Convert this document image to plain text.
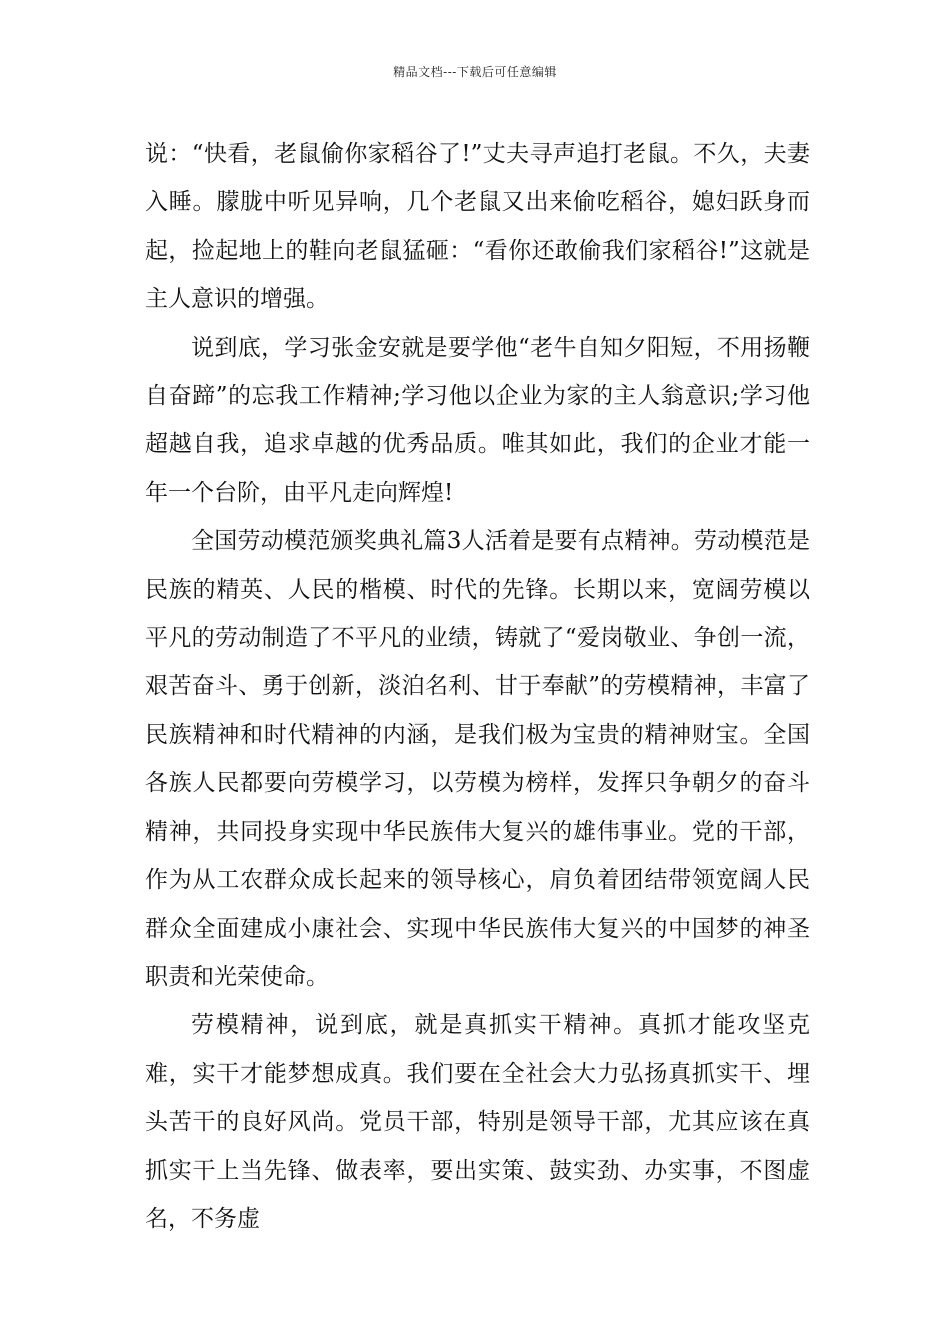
精品文档---下载后可任意编辑

说：“快看，老鼠偷你家稻谷了!”丈夫寻声追打老鼠。不久，夫妻入睡。朦胧中听见异响，几个老鼠又出来偷吃稻谷，媳妇跃身而起，捡起地上的鞋向老鼠猛砸：“看你还敢偷我们家稻谷!”这就是主人意识的增强。

说到底，学习张金安就是要学他“老牛自知夕阳短，不用扬鞭自奋蹄”的忘我工作精神;学习他以企业为家的主人翁意识;学习他超越自我，追求卓越的优秀品质。唯其如此，我们的企业才能一年一个台阶，由平凡走向辉煌!

全国劳动模范颁奖典礼篇3人活着是要有点精神。劳动模范是民族的精英、人民的楷模、时代的先锋。长期以来，宽阔劳模以平凡的劳动制造了不平凡的业绩，铸就了“爱岗敬业、争创一流，艰苦奋斗、勇于创新，淡泊名利、甘于奉献”的劳模精神，丰富了民族精神和时代精神的内涵，是我们极为宝贵的精神财宝。全国各族人民都要向劳模学习，以劳模为榜样，发挥只争朝夕的奋斗精神，共同投身实现中华民族伟大复兴的雄伟事业。党的干部，作为从工农群众成长起来的领导核心，肩负着团结带领宽阔人民群众全面建成小康社会、实现中华民族伟大复兴的中国梦的神圣职责和光荣使命。

劳模精神，说到底，就是真抓实干精神。真抓才能攻坚克难，实干才能梦想成真。我们要在全社会大力弘扬真抓实干、埋头苦干的良好风尚。党员干部，特别是领导干部，尤其应该在真抓实干上当先锋、做表率，要出实策、鼓实劲、办实事，不图虚名，不务虚
